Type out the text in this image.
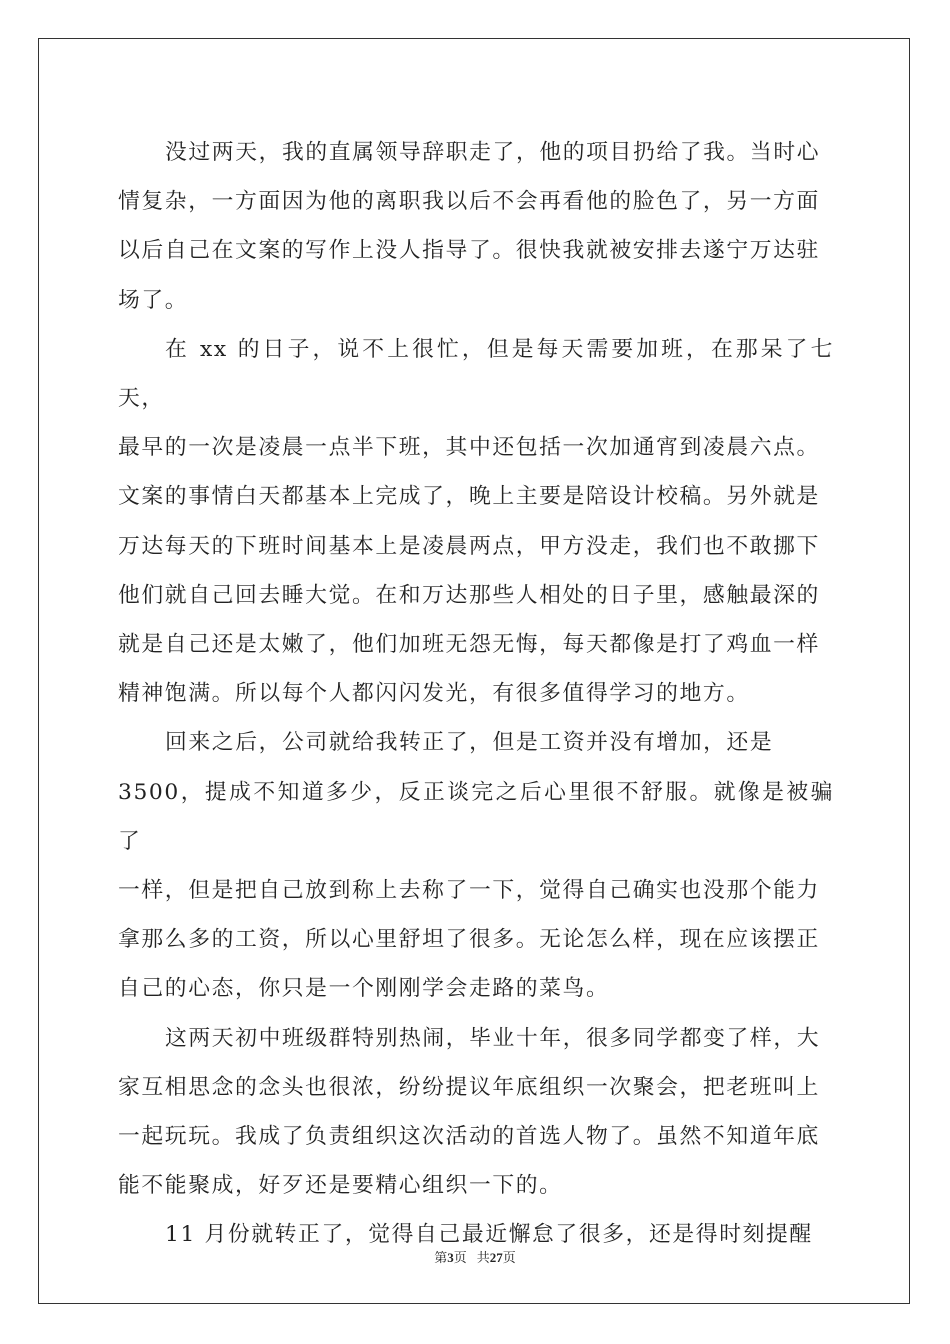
没过两天，我的直属领导辞职走了，他的项目扔给了我。当时心
情复杂，一方面因为他的离职我以后不会再看他的脸色了，另一方面
以后自己在文案的写作上没人指导了。很快我就被安排去遂宁万达驻
场了。

在 xx 的日子，说不上很忙，但是每天需要加班，在那呆了七天，
最早的一次是凌晨一点半下班，其中还包括一次加通宵到凌晨六点。
文案的事情白天都基本上完成了，晚上主要是陪设计校稿。另外就是
万达每天的下班时间基本上是凌晨两点，甲方没走，我们也不敢挪下
他们就自己回去睡大觉。在和万达那些人相处的日子里，感触最深的
就是自己还是太嫩了，他们加班无怨无悔，每天都像是打了鸡血一样
精神饱满。所以每个人都闪闪发光，有很多值得学习的地方。

回来之后，公司就给我转正了，但是工资并没有增加，还是
3500，提成不知道多少，反正谈完之后心里很不舒服。就像是被骗了
一样，但是把自己放到称上去称了一下，觉得自己确实也没那个能力
拿那么多的工资，所以心里舒坦了很多。无论怎么样，现在应该摆正
自己的心态，你只是一个刚刚学会走路的菜鸟。

这两天初中班级群特别热闹，毕业十年，很多同学都变了样，大
家互相思念的念头也很浓，纷纷提议年底组织一次聚会，把老班叫上
一起玩玩。我成了负责组织这次活动的首选人物了。虽然不知道年底
能不能聚成，好歹还是要精心组织一下的。

11 月份就转正了，觉得自己最近懈怠了很多，还是得时刻提醒

第3页 共27页
